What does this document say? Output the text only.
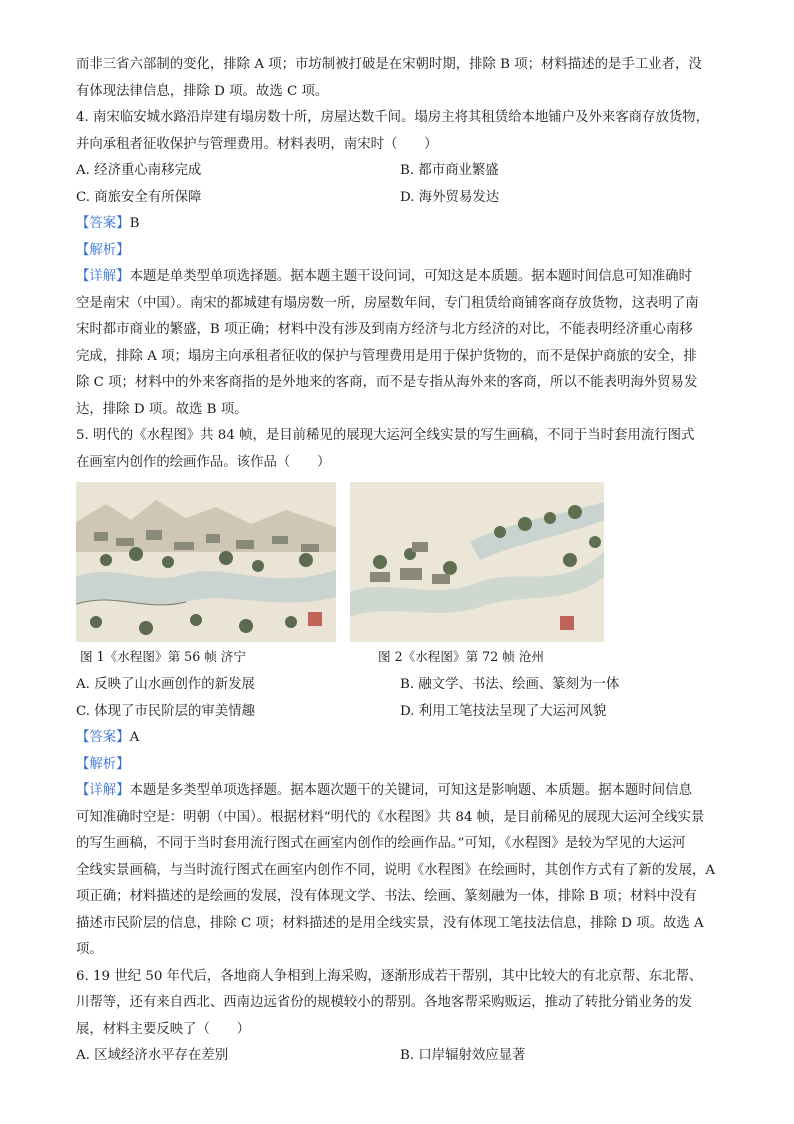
而非三省六部制的变化，排除 A 项；市坊制被打破是在宋朝时期，排除 B 项；材料描述的是手工业者，没
有体现法律信息，排除 D 项。故选 C 项。
4. 南宋临安城水路沿岸建有塌房数十所，房屋达数千间。塌房主将其租赁给本地铺户及外来客商存放货物，
并向承租者征收保护与管理费用。材料表明，南宋时（　　）
A. 经济重心南移完成	B. 都市商业繁盛
C. 商旅安全有所保障	D. 海外贸易发达
【答案】B
【解析】
【详解】本题是单类型单项选择题。据本题主题干设问词，可知这是本质题。据本题时间信息可知准确时
空是南宋（中国）。南宋的都城建有塌房数一所，房屋数年间，专门租赁给商铺客商存放货物，这表明了南
宋时都市商业的繁盛，B 项正确；材料中没有涉及到南方经济与北方经济的对比，不能表明经济重心南移
完成，排除 A 项；塌房主向承租者征收的保护与管理费用是用于保护货物的，而不是保护商旅的安全，排
除 C 项；材料中的外来客商指的是外地来的客商，而不是专指从海外来的客商，所以不能表明海外贸易发
达，排除 D 项。故选 B 项。
5. 明代的《水程图》共 84 帧，是目前稀见的展现大运河全线实景的写生画稿，不同于当时套用流行图式
在画室内创作的绘画作品。该作品（　　）
图 1《水程图》第 56 帧 济宁	图 2《水程图》第 72 帧 沧州
A. 反映了山水画创作的新发展	B. 融文学、书法、绘画、篆刻为一体
C. 体现了市民阶层的审美情趣	D. 利用工笔技法呈现了大运河风貌
【答案】A
【解析】
【详解】本题是多类型单项选择题。据本题次题干的关键词，可知这是影响题、本质题。据本题时间信息
可知准确时空是：明朝（中国）。根据材料“明代的《水程图》共 84 帧，是目前稀见的展现大运河全线实景
的写生画稿，不同于当时套用流行图式在画室内创作的绘画作品。”可知，《水程图》是较为罕见的大运河
全线实景画稿，与当时流行图式在画室内创作不同，说明《水程图》在绘画时，其创作方式有了新的发展，A
项正确；材料描述的是绘画的发展，没有体现文学、书法、绘画、篆刻融为一体，排除 B 项；材料中没有
描述市民阶层的信息，排除 C 项；材料描述的是用全线实景，没有体现工笔技法信息，排除 D 项。故选 A
项。
6. 19 世纪 50 年代后，各地商人争相到上海采购，逐渐形成若干帮别，其中比较大的有北京帮、东北帮、
川帮等，还有来自西北、西南边远省份的规模较小的帮别。各地客帮采购贩运，推动了转批分销业务的发
展，材料主要反映了（　　）
A. 区域经济水平存在差别	B. 口岸辐射效应显著
